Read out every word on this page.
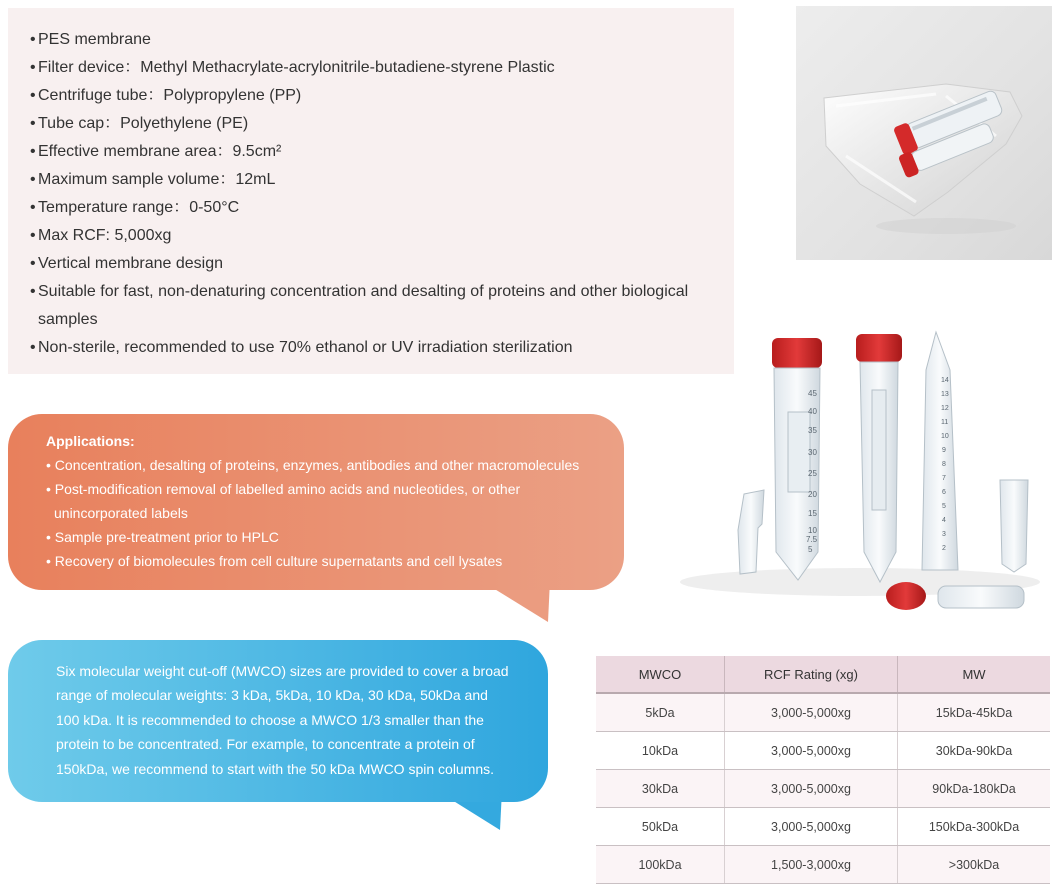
• PES membrane
• Filter device：Methyl Methacrylate-acrylonitrile-butadiene-styrene Plastic
• Centrifuge tube：Polypropylene (PP)
• Tube cap：Polyethylene (PE)
• Effective membrane area：9.5cm²
• Maximum sample volume：12mL
• Temperature range：0-50°C
• Max RCF: 5,000xg
• Vertical membrane design
• Suitable for fast, non-denaturing concentration and desalting of proteins and other biological samples
• Non-sterile, recommended to use 70% ethanol or UV irradiation sterilization
45
40
35
30
25
20
15
10
7.5
5
14
13
12
11
10
9
8
7
6
5
4
3
2
Applications:
• Concentration, desalting of proteins, enzymes, antibodies and other macromolecules
• Post-modification removal of labelled amino acids and nucleotides, or other unincorporated labels
• Sample pre-treatment prior to HPLC
• Recovery of biomolecules from cell culture supernatants and cell lysates

Six molecular weight cut-off (MWCO) sizes are provided to cover a broad range of molecular weights: 3 kDa, 5kDa, 10 kDa, 30 kDa, 50kDa and 100 kDa. It is recommended to choose a MWCO 1/3 smaller than the protein to be concentrated. For example, to concentrate a protein of 150kDa, we recommend to start with the 50 kDa MWCO spin columns.

MWCO	RCF Rating (xg)	MW
5kDa	3,000-5,000xg	15kDa-45kDa
10kDa	3,000-5,000xg	30kDa-90kDa
30kDa	3,000-5,000xg	90kDa-180kDa
50kDa	3,000-5,000xg	150kDa-300kDa
100kDa	1,500-3,000xg	>300kDa
